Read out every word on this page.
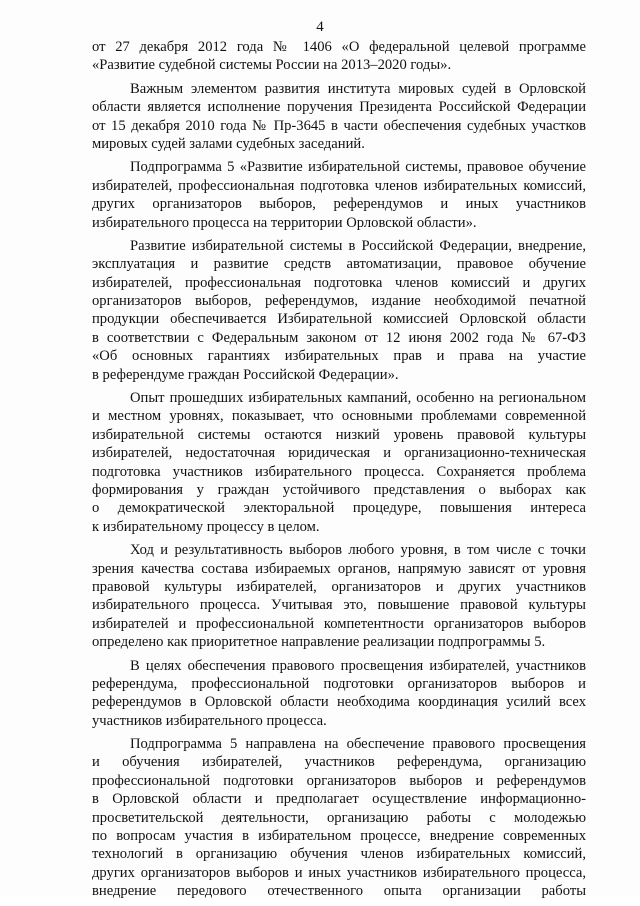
4
от 27 декабря 2012 года № 1406 «О федеральной целевой программе
«Развитие судебной системы России на 2013–2020 годы».
Важным элементом развития института мировых судей в Орловской
области является исполнение поручения Президента Российской Федерации
от 15 декабря 2010 года № Пр-3645 в части обеспечения судебных участков
мировых судей залами судебных заседаний.
Подпрограмма 5 «Развитие избирательной системы, правовое обучение
избирателей, профессиональная подготовка членов избирательных комиссий,
других организаторов выборов, референдумов и иных участников
избирательного процесса на территории Орловской области».
Развитие избирательной системы в Российской Федерации, внедрение,
эксплуатация и развитие средств автоматизации, правовое обучение
избирателей, профессиональная подготовка членов комиссий и других
организаторов выборов, референдумов, издание необходимой печатной
продукции обеспечивается Избирательной комиссией Орловской области
в соответствии с Федеральным законом от 12 июня 2002 года № 67-ФЗ
«Об основных гарантиях избирательных прав и права на участие
в референдуме граждан Российской Федерации».
Опыт прошедших избирательных кампаний, особенно на региональном
и местном уровнях, показывает, что основными проблемами современной
избирательной системы остаются низкий уровень правовой культуры
избирателей, недостаточная юридическая и организационно-техническая
подготовка участников избирательного процесса. Сохраняется проблема
формирования у граждан устойчивого представления о выборах как
о демократической электоральной процедуре, повышения интереса
к избирательному процессу в целом.
Ход и результативность выборов любого уровня, в том числе с точки
зрения качества состава избираемых органов, напрямую зависят от уровня
правовой культуры избирателей, организаторов и других участников
избирательного процесса. Учитывая это, повышение правовой культуры
избирателей и профессиональной компетентности организаторов выборов
определено как приоритетное направление реализации подпрограммы 5.
В целях обеспечения правового просвещения избирателей, участников
референдума, профессиональной подготовки организаторов выборов и
референдумов в Орловской области необходима координация усилий всех
участников избирательного процесса.
Подпрограмма 5 направлена на обеспечение правового просвещения
и обучения избирателей, участников референдума, организацию
профессиональной подготовки организаторов выборов и референдумов
в Орловской области и предполагает осуществление информационно-
просветительской деятельности, организацию работы с молодежью
по вопросам участия в избирательном процессе, внедрение современных
технологий в организацию обучения членов избирательных комиссий,
других организаторов выборов и иных участников избирательного процесса,
внедрение передового отечественного опыта организации работы
